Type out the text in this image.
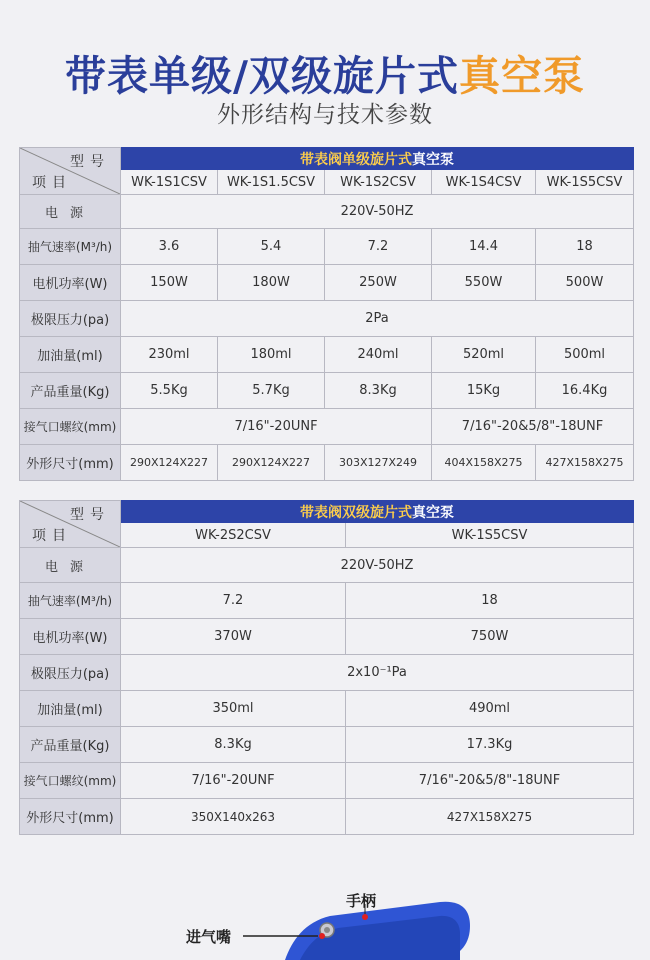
带表单级/双级旋片式真空泵
外形结构与技术参数
型号
项目	带表阀单级旋片式真空泵				
	WK-1S1CSV	WK-1S1.5CSV	WK-1S2CSV	WK-1S4CSV	WK-1S5CSV
电源	220V-50HZ				
抽气速率(M³/h)	3.6	5.4	7.2	14.4	18
电机功率(W)	150W	180W	250W	550W	500W
极限压力(pa)	2Pa				
加油量(ml)	230ml	180ml	240ml	520ml	500ml
产品重量(Kg)	5.5Kg	5.7Kg	8.3Kg	15Kg	16.4Kg
接气口螺纹(mm)	7/16"-20UNF			7/16"-20&5/8"-18UNF	
外形尺寸(mm)	290X124X227	290X124X227	303X127X249	404X158X275	427X158X275
型号
项目	带表阀双级旋片式真空泵	
	WK-2S2CSV	WK-1S5CSV
电源	220V-50HZ	
抽气速率(M³/h)	7.2	18
电机功率(W)	370W	750W
极限压力(pa)	2x10⁻¹Pa	
加油量(ml)	350ml	490ml
产品重量(Kg)	8.3Kg	17.3Kg
接气口螺纹(mm)	7/16"-20UNF	7/16"-20&5/8"-18UNF
外形尺寸(mm)	350X140x263	427X158X275
手柄
进气嘴
